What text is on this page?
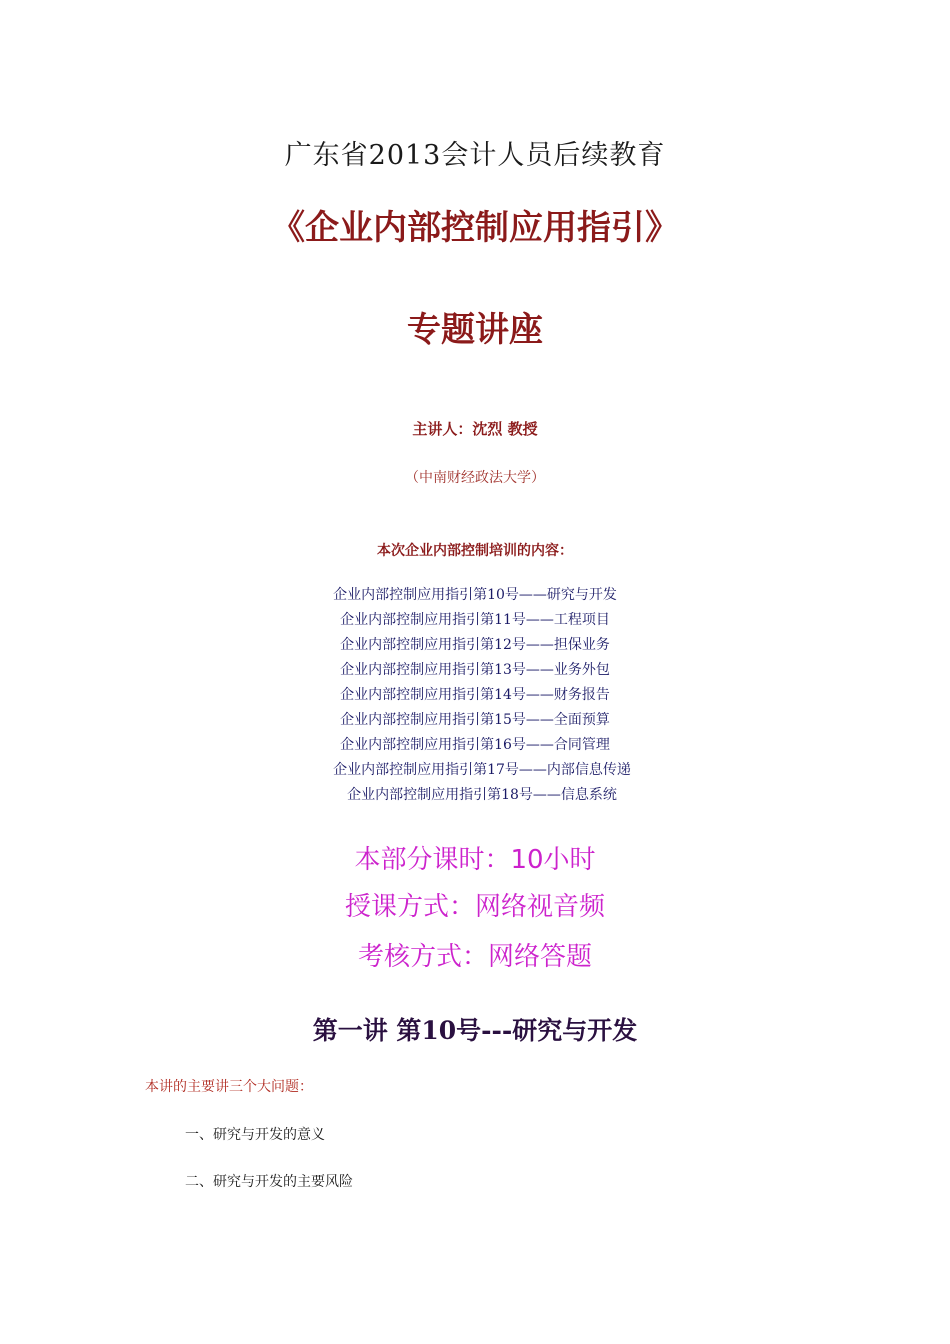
广东省2013会计人员后续教育
《企业内部控制应用指引》
专题讲座
主讲人：沈烈 教授
（中南财经政法大学）
本次企业内部控制培训的内容：
企业内部控制应用指引第10号——研究与开发
企业内部控制应用指引第11号——工程项目
企业内部控制应用指引第12号——担保业务
企业内部控制应用指引第13号——业务外包
企业内部控制应用指引第14号——财务报告
企业内部控制应用指引第15号——全面预算
企业内部控制应用指引第16号——合同管理
企业内部控制应用指引第17号——内部信息传递
企业内部控制应用指引第18号——信息系统
本部分课时：10小时
授课方式：网络视音频
考核方式：网络答题
第一讲 第10号---研究与开发
本讲的主要讲三个大问题：
一、研究与开发的意义
二、研究与开发的主要风险
